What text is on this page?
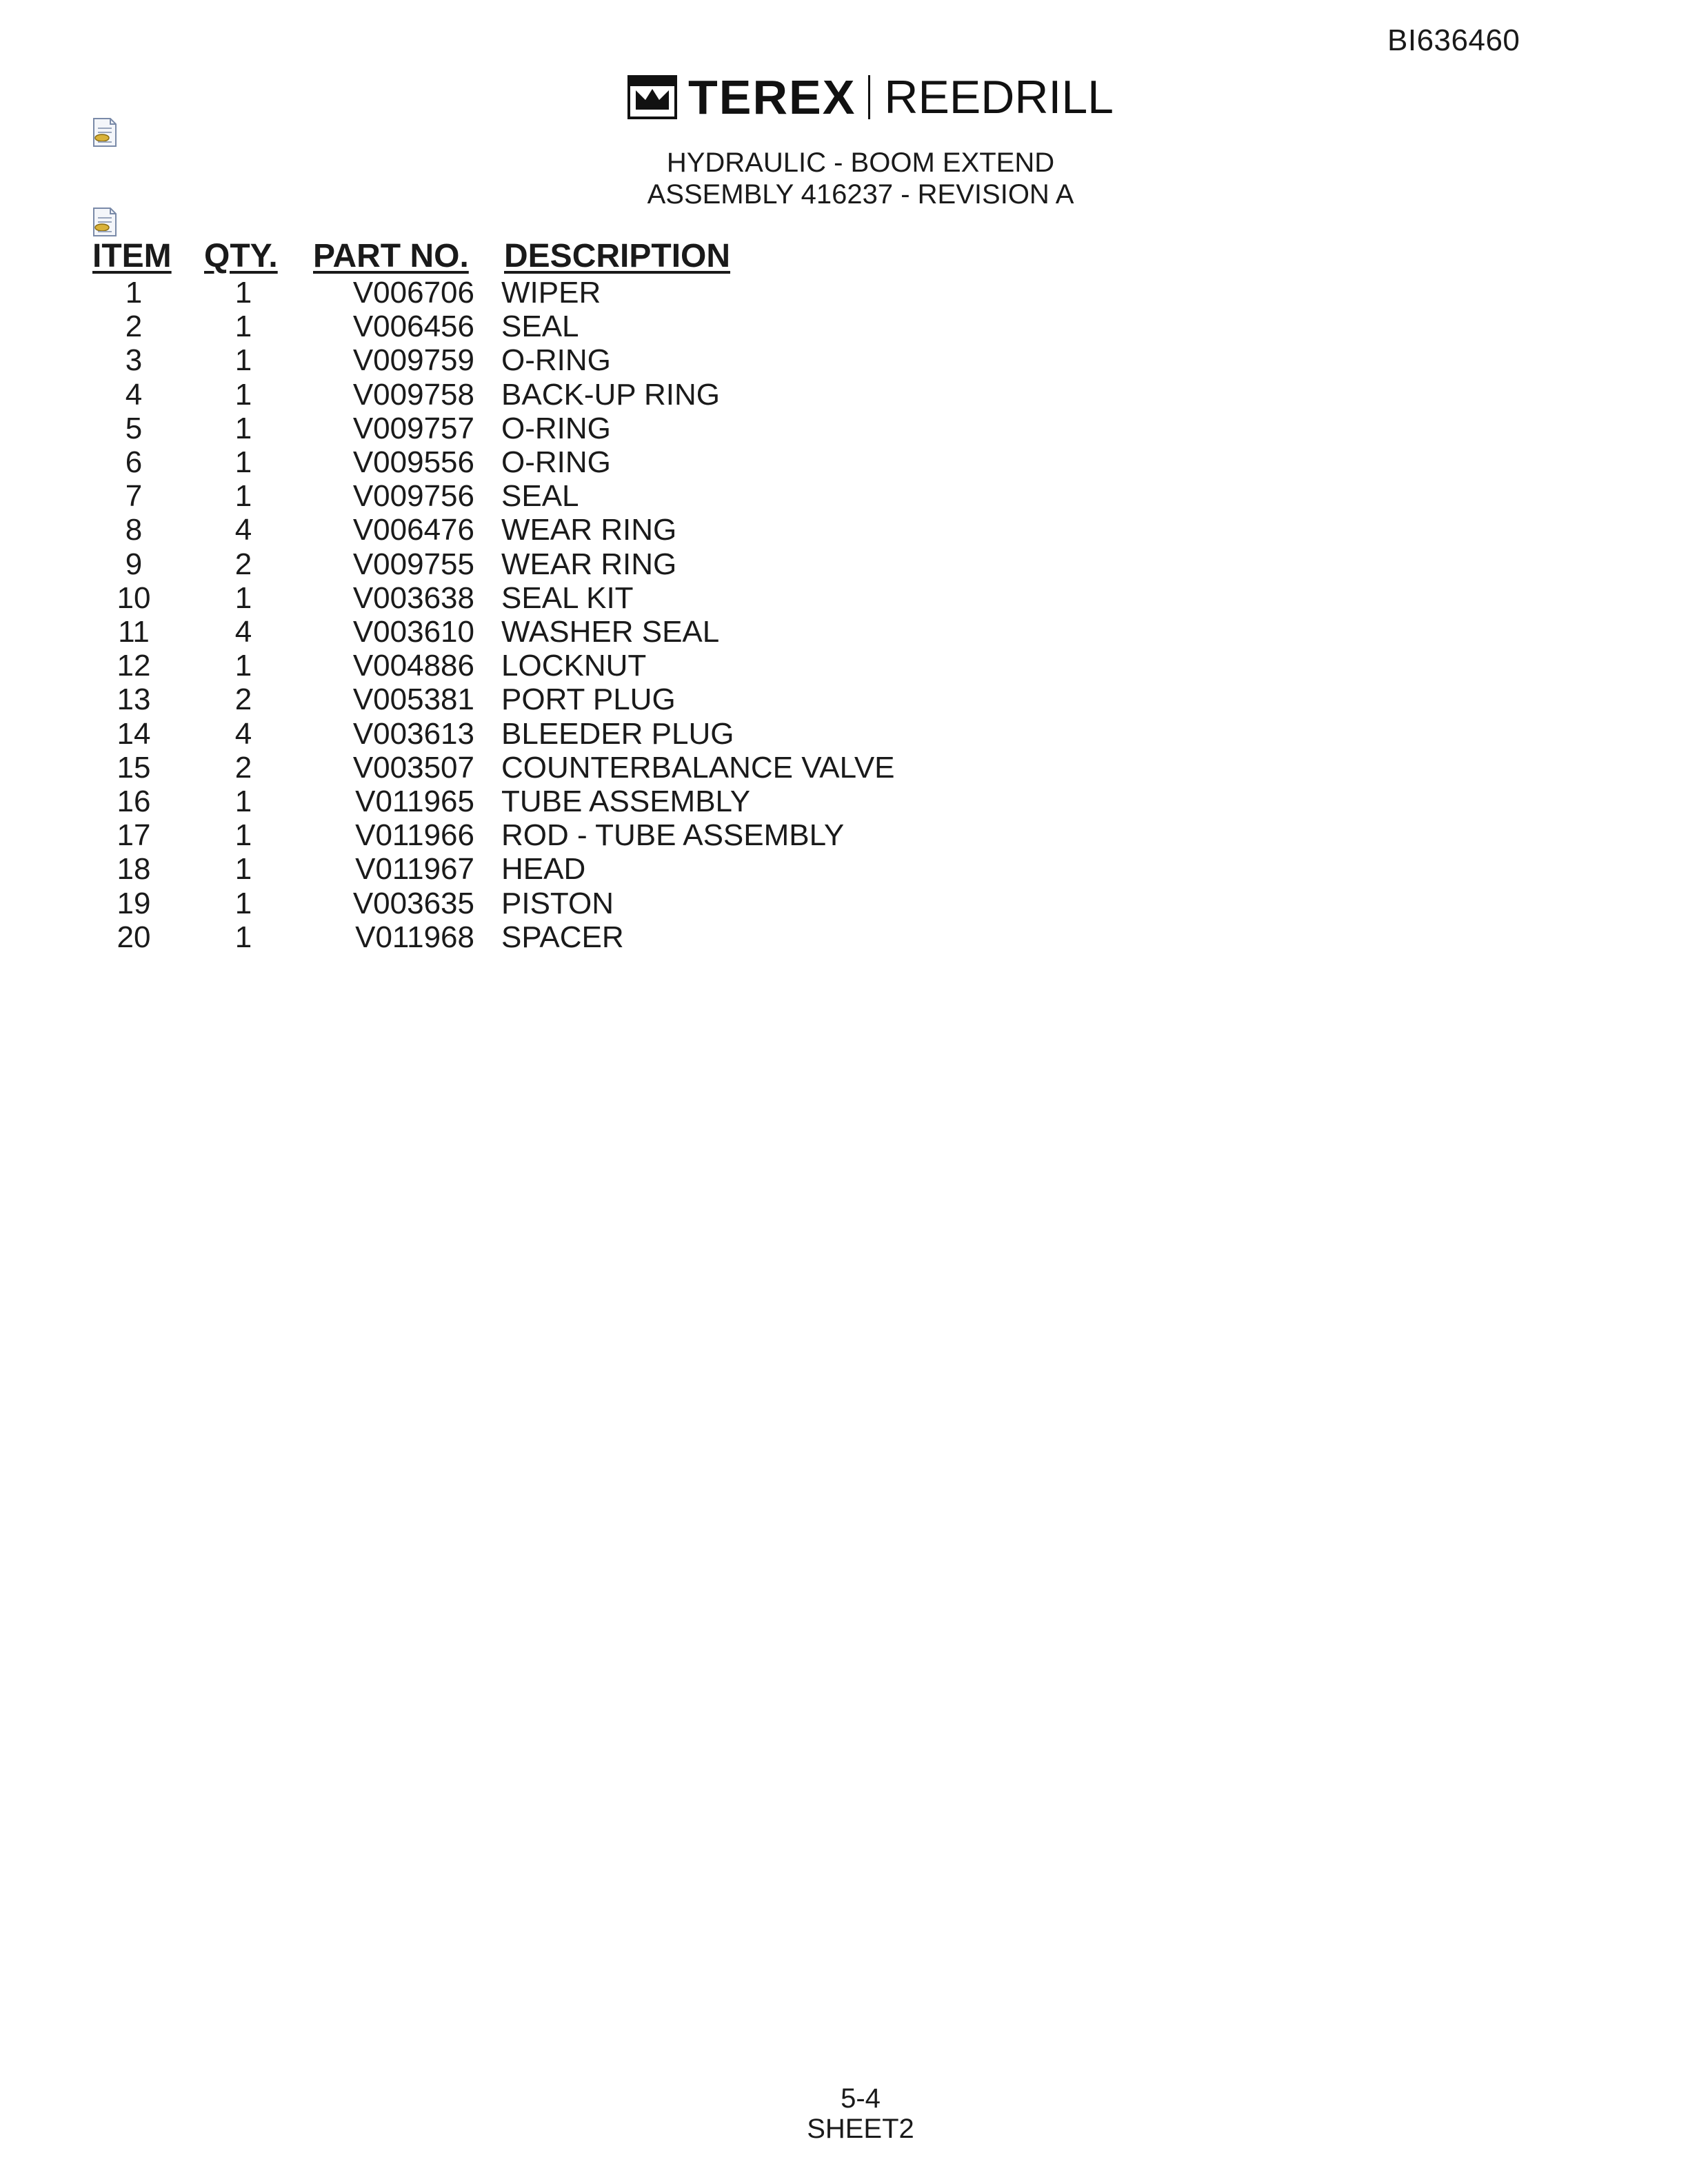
BI636460
TEREX REEDRILL
HYDRAULIC - BOOM EXTEND
ASSEMBLY 416237 - REVISION A
ITEM QTY. PART NO. DESCRIPTION
1	1	V006706 WIPER
2	1	V006456 SEAL
3	1	V009759 O-RING
4	1	V009758 BACK-UP RING
5	1	V009757 O-RING
6	1	V009556 O-RING
7	1	V009756 SEAL
8	4	V006476 WEAR RING
9	2	V009755 WEAR RING
10	1	V003638 SEAL KIT
11	4	V003610 WASHER SEAL
12	1	V004886 LOCKNUT
13	2	V005381 PORT PLUG
14	4	V003613 BLEEDER PLUG
15	2	V003507 COUNTERBALANCE VALVE
16	1	V011965 TUBE ASSEMBLY
17	1	V011966 ROD - TUBE ASSEMBLY
18	1	V011967 HEAD
19	1	V003635 PISTON
20	1	V011968 SPACER
5-4
SHEET2
